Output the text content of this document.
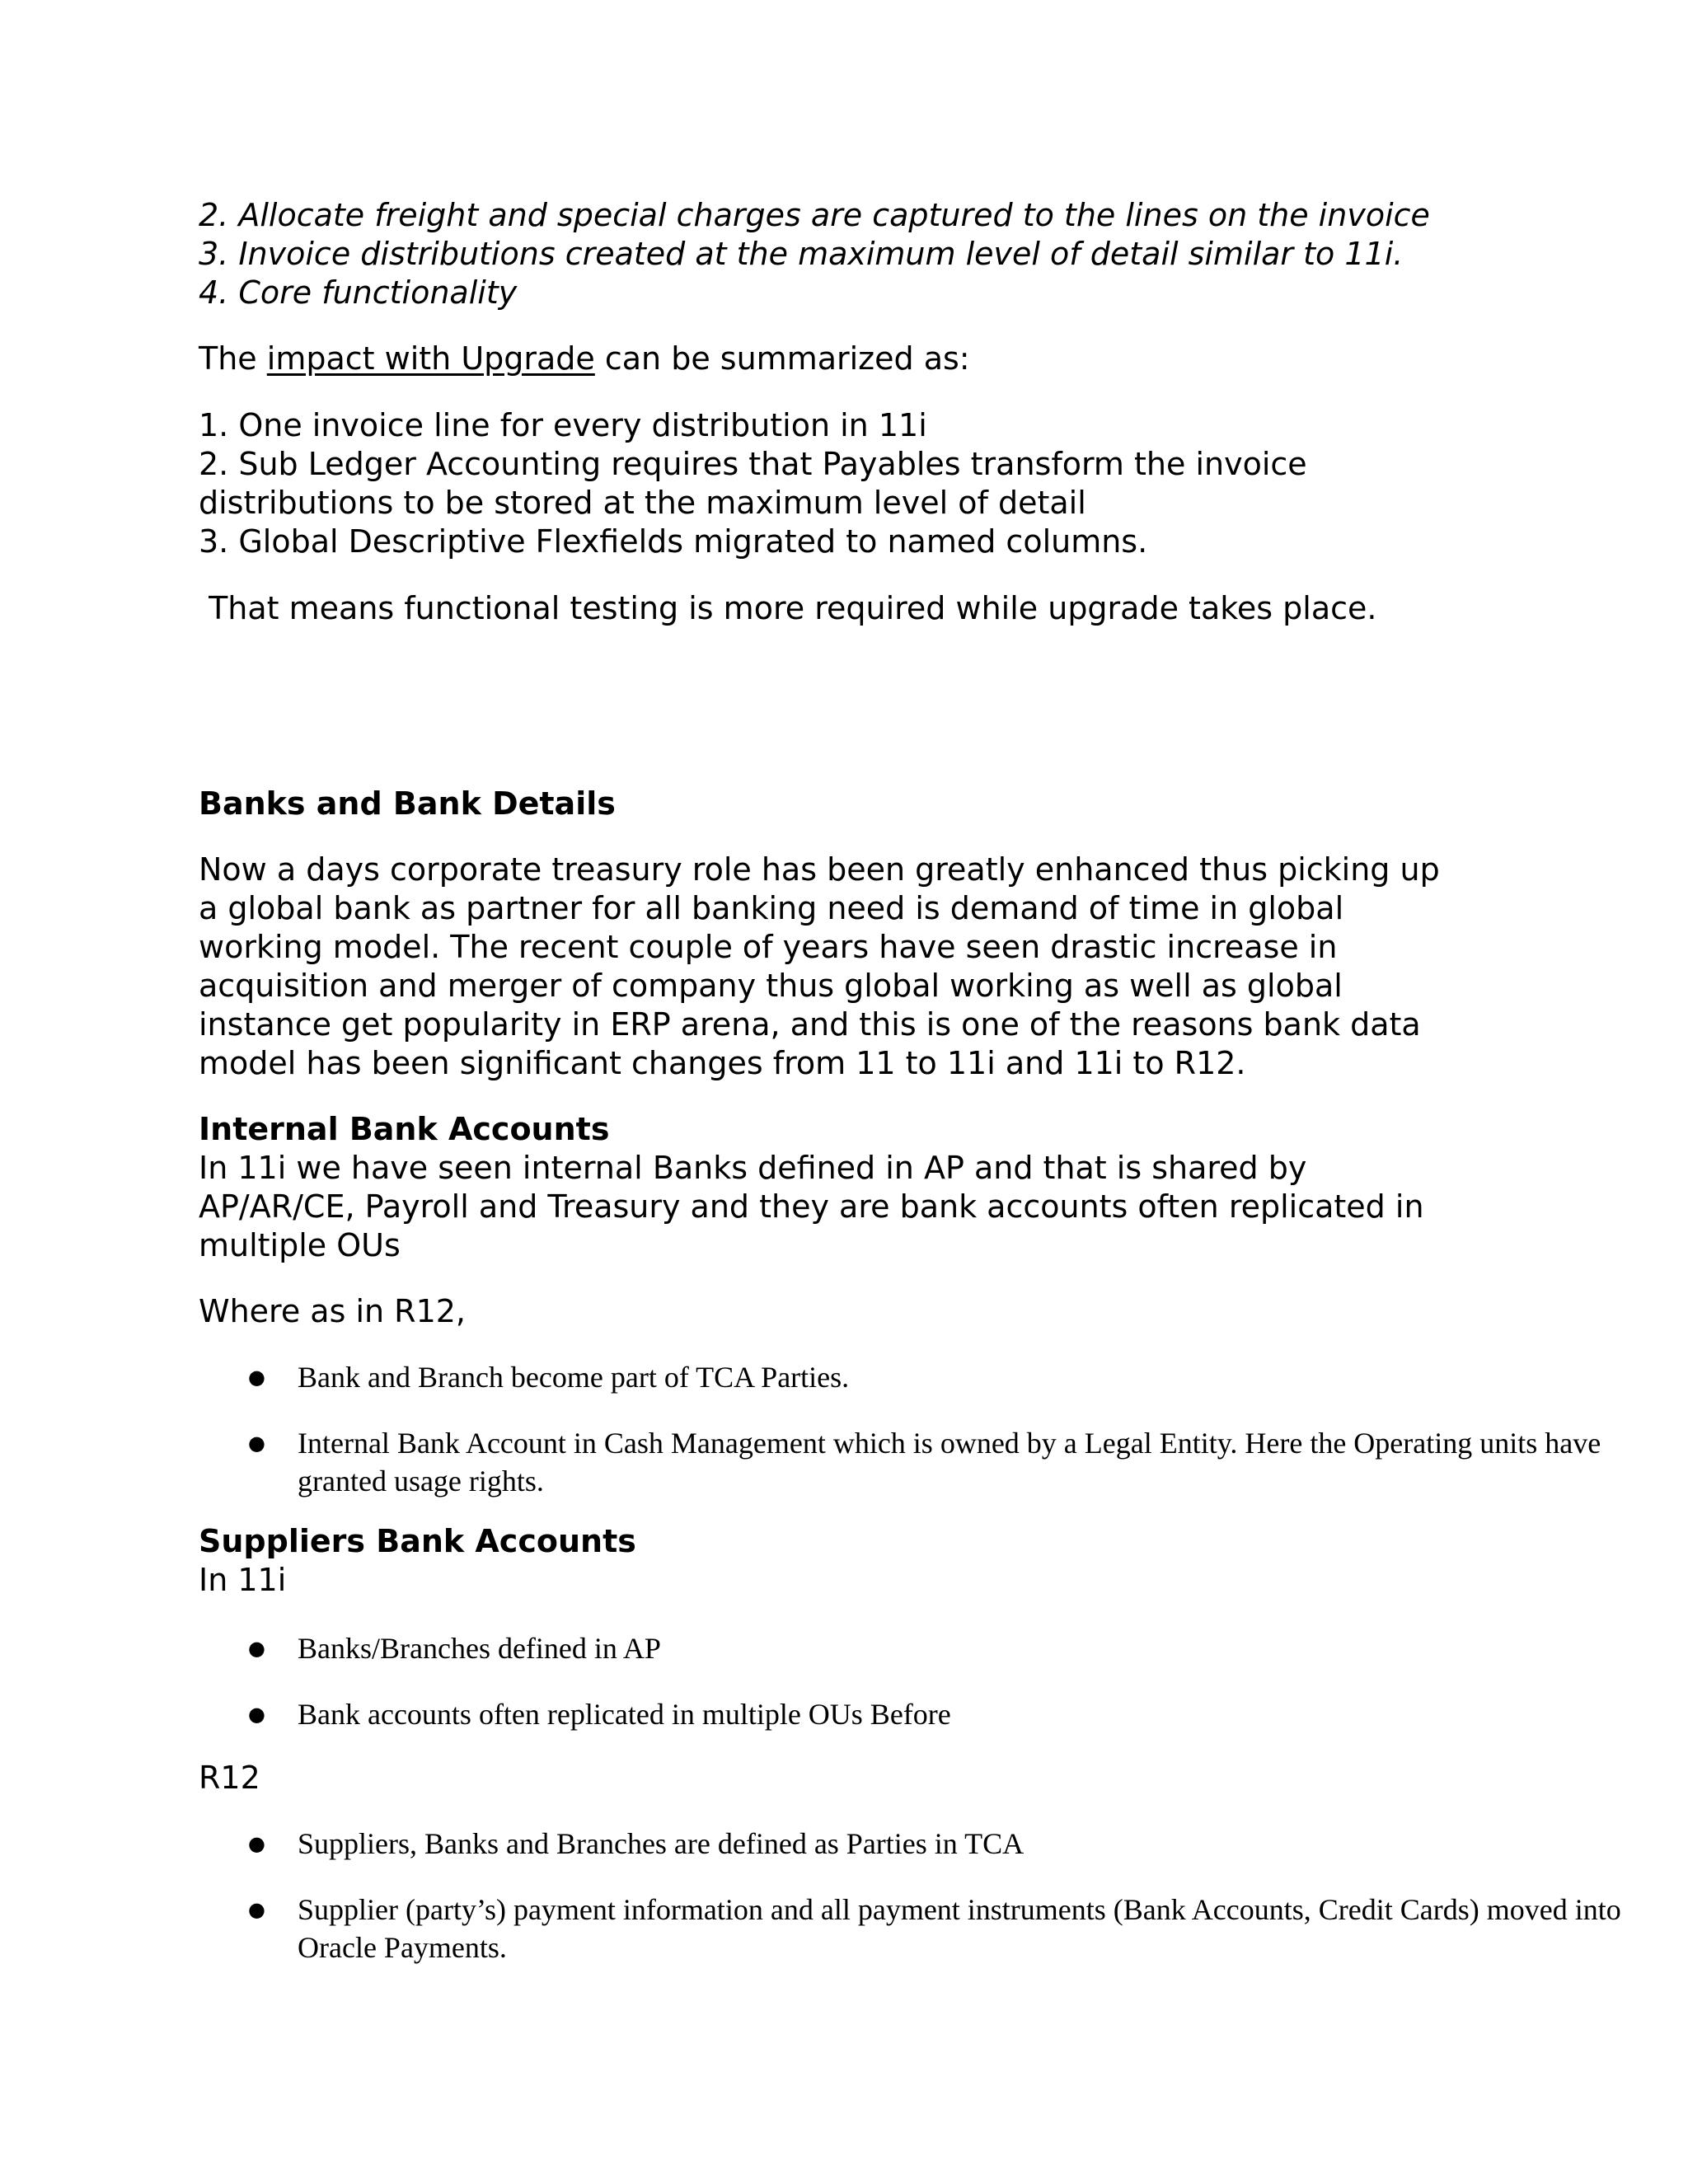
2. Allocate freight and special charges are captured to the lines on the invoice
3. Invoice distributions created at the maximum level of detail similar to 11i.
4. Core functionality
The impact with Upgrade can be summarized as:
1. One invoice line for every distribution in 11i
2. Sub Ledger Accounting requires that Payables transform the invoice
distributions to be stored at the maximum level of detail
3. Global Descriptive Flexfields migrated to named columns.
That means functional testing is more required while upgrade takes place.
Banks and Bank Details
Now a days corporate treasury role has been greatly enhanced thus picking up
a global bank as partner for all banking need is demand of time in global
working model. The recent couple of years have seen drastic increase in
acquisition and merger of company thus global working as well as global
instance get popularity in ERP arena, and this is one of the reasons bank data
model has been significant changes from 11 to 11i and 11i to R12.
Internal Bank Accounts
In 11i we have seen internal Banks defined in AP and that is shared by
AP/AR/CE, Payroll and Treasury and they are bank accounts often replicated in
multiple OUs
Where as in R12,
● Bank and Branch become part of TCA Parties.
● Internal Bank Account in Cash Management which is owned by a Legal Entity. Here the Operating units have granted usage rights.
Suppliers Bank Accounts
In 11i
● Banks/Branches defined in AP
● Bank accounts often replicated in multiple OUs Before
R12
● Suppliers, Banks and Branches are defined as Parties in TCA
● Supplier (party’s) payment information and all payment instruments (Bank Accounts, Credit Cards) moved into Oracle Payments.
